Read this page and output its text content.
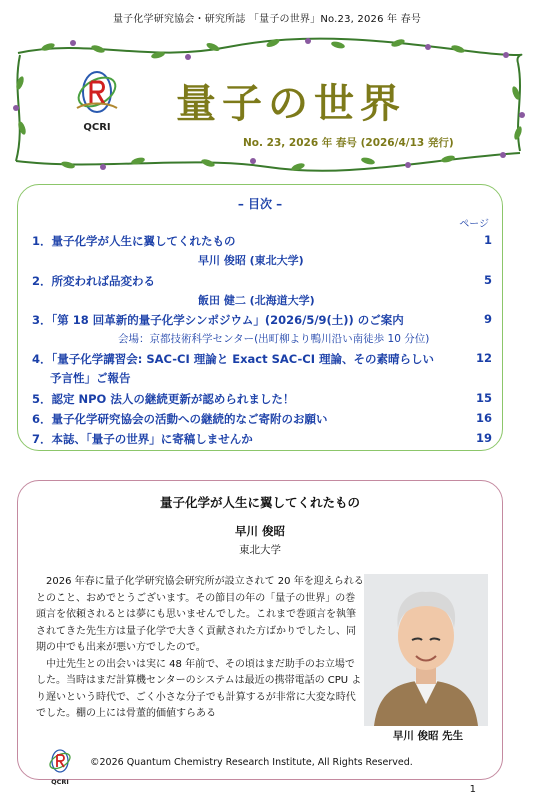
量子化学研究協会・研究所誌 「量子の世界」No.23, 2026 年 春号
QCRI
量子の世界
No. 23, 2026 年 春号 (2026/4/13 発行)
– 目次 –
ページ
1．量子化学が人生に翼してくれたもの	1
早川 俊昭 (東北大学)
2．所変われば品変わる	5
飯田 健二 (北海道大学)
3．「第 18 回革新的量子化学シンポジウム」(2026/5/9(土)) のご案内	9
会場：京都技術科学センター(出町柳より鴨川沿い南徒歩 10 分位)
4．「量子化学講習会: SAC-CI 理論と Exact SAC-CI 理論、その素晴らしい	12
予言性」ご報告
5．認定 NPO 法人の継続更新が認められました！	15
6．量子化学研究協会の活動への継続的なご寄附のお願い	16
7．本誌、「量子の世界」に寄稿しませんか	19
量子化学が人生に翼してくれたもの
早川 俊昭
東北大学

2026 年春に量子化学研究協会研究所が設立されて 20 年を迎えられるとのこと、おめでとうございます。その節目の年の「量子の世界」の巻頭言を依頼されるとは夢にも思いませんでした。これまで巻頭言を執筆されてきた先生方は量子化学で大きく貢献された方ばかりでしたし、同期の中でも出来が悪い方でしたので。

中辻先生との出会いは実に 48 年前で、その頃はまだ助手のお立場でした。当時はまだ計算機センターのシステムは最近の携帯電話の CPU より遅いという時代で、ごく小さな分子でも計算するが非常に大変な時代でした。棚の上には骨董的価値すらある

早川 俊昭 先生
QCRI
©2026 Quantum Chemistry Research Institute, All Rights Reserved.
1
